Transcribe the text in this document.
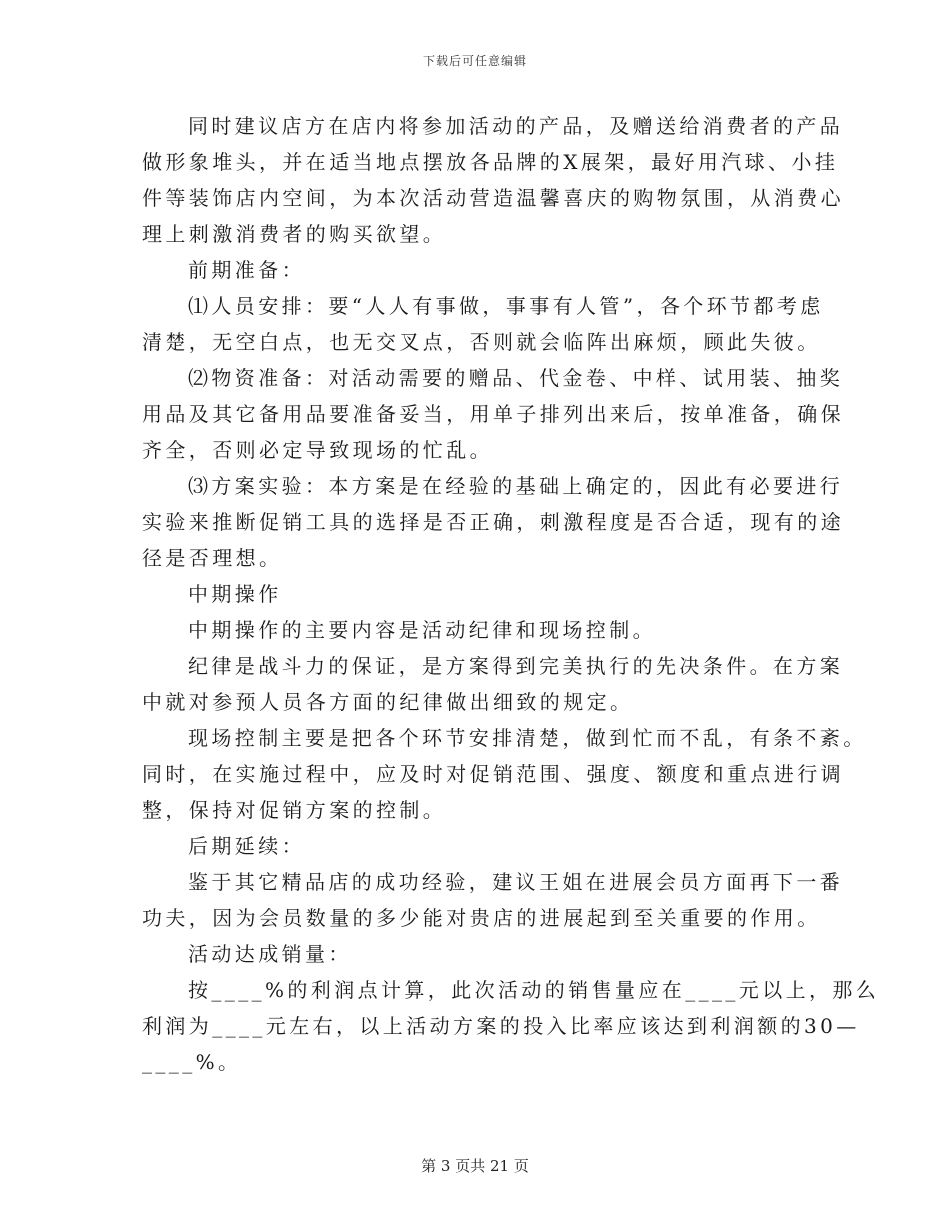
下载后可任意编辑

同时建议店方在店内将参加活动的产品，及赠送给消费者的产品

做形象堆头，并在适当地点摆放各品牌的X展架，最好用汽球、小挂

件等装饰店内空间，为本次活动营造温馨喜庆的购物氛围，从消费心

理上刺激消费者的购买欲望。

前期准备：

⑴人员安排：要“人人有事做，事事有人管”，各个环节都考虑

清楚，无空白点，也无交叉点，否则就会临阵出麻烦，顾此失彼。

⑵物资准备：对活动需要的赠品、代金卷、中样、试用装、抽奖

用品及其它备用品要准备妥当，用单子排列出来后，按单准备，确保

齐全，否则必定导致现场的忙乱。

⑶方案实验：本方案是在经验的基础上确定的，因此有必要进行

实验来推断促销工具的选择是否正确，刺激程度是否合适，现有的途

径是否理想。

中期操作

中期操作的主要内容是活动纪律和现场控制。

纪律是战斗力的保证，是方案得到完美执行的先决条件。在方案

中就对参预人员各方面的纪律做出细致的规定。

现场控制主要是把各个环节安排清楚，做到忙而不乱，有条不紊。

同时，在实施过程中，应及时对促销范围、强度、额度和重点进行调

整，保持对促销方案的控制。

后期延续：

鉴于其它精品店的成功经验，建议王姐在进展会员方面再下一番

功夫，因为会员数量的多少能对贵店的进展起到至关重要的作用。

活动达成销量：

按____%的利润点计算，此次活动的销售量应在____元以上，那么

利润为____元左右，以上活动方案的投入比率应该达到利润额的30—

____%。

第 3 页共 21 页
